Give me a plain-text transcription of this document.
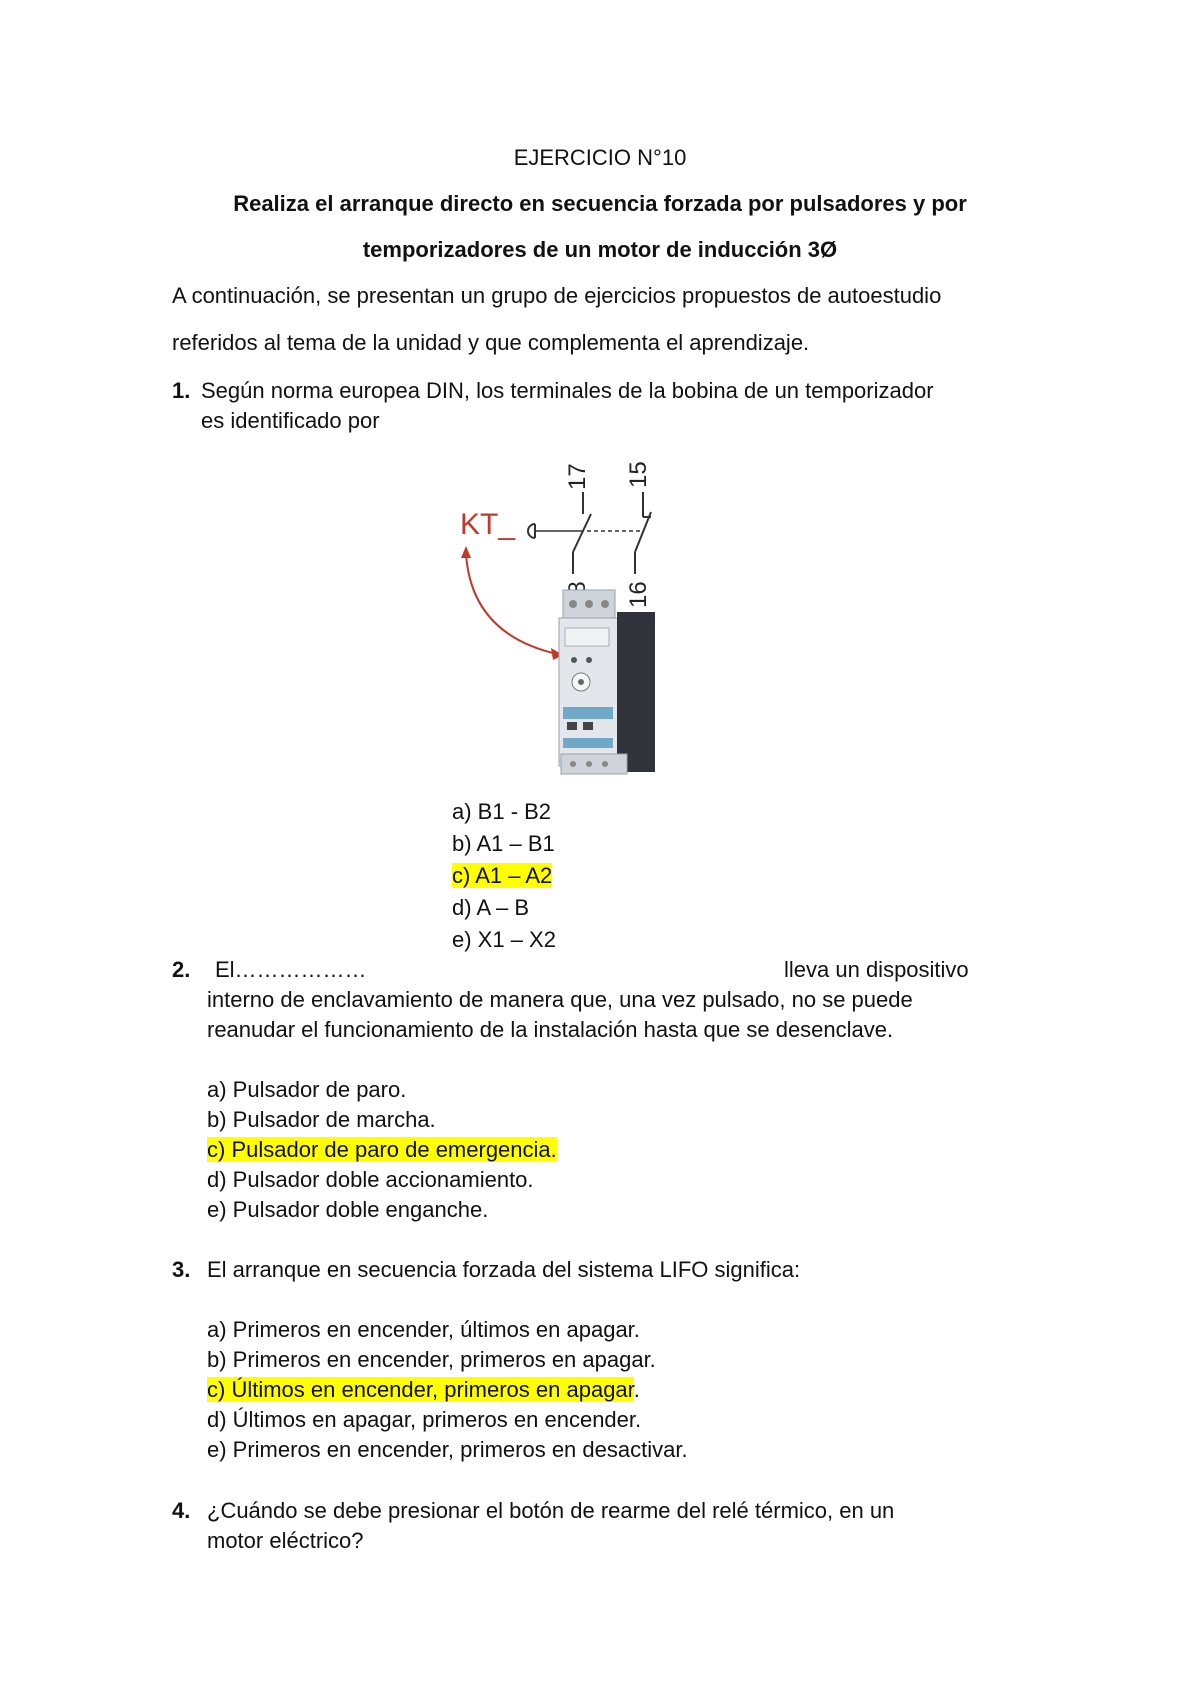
EJERCICIO N°10
Realiza el arranque directo en secuencia forzada por pulsadores y por
temporizadores de un motor de inducción 3Ø
A continuación, se presentan un grupo de ejercicios propuestos de autoestudio
referidos al tema de la unidad y que complementa el aprendizaje.
1. Según norma europea DIN, los terminales de la bobina de un temporizador
es identificado por
KT_
17 15
16
a) B1 - B2
b) A1 – B1
c) A1 – A2
d) A – B
e) X1 – X2
2. El………………	lleva un dispositivo
interno de enclavamiento de manera que, una vez pulsado, no se puede
reanudar el funcionamiento de la instalación hasta que se desenclave.
a) Pulsador de paro.
b) Pulsador de marcha.
c) Pulsador de paro de emergencia.
d) Pulsador doble accionamiento.
e) Pulsador doble enganche.
3. El arranque en secuencia forzada del sistema LIFO significa:
a) Primeros en encender, últimos en apagar.
b) Primeros en encender, primeros en apagar.
c) Últimos en encender, primeros en apagar.
d) Últimos en apagar, primeros en encender.
e) Primeros en encender, primeros en desactivar.
4. ¿Cuándo se debe presionar el botón de rearme del relé térmico, en un
motor eléctrico?
